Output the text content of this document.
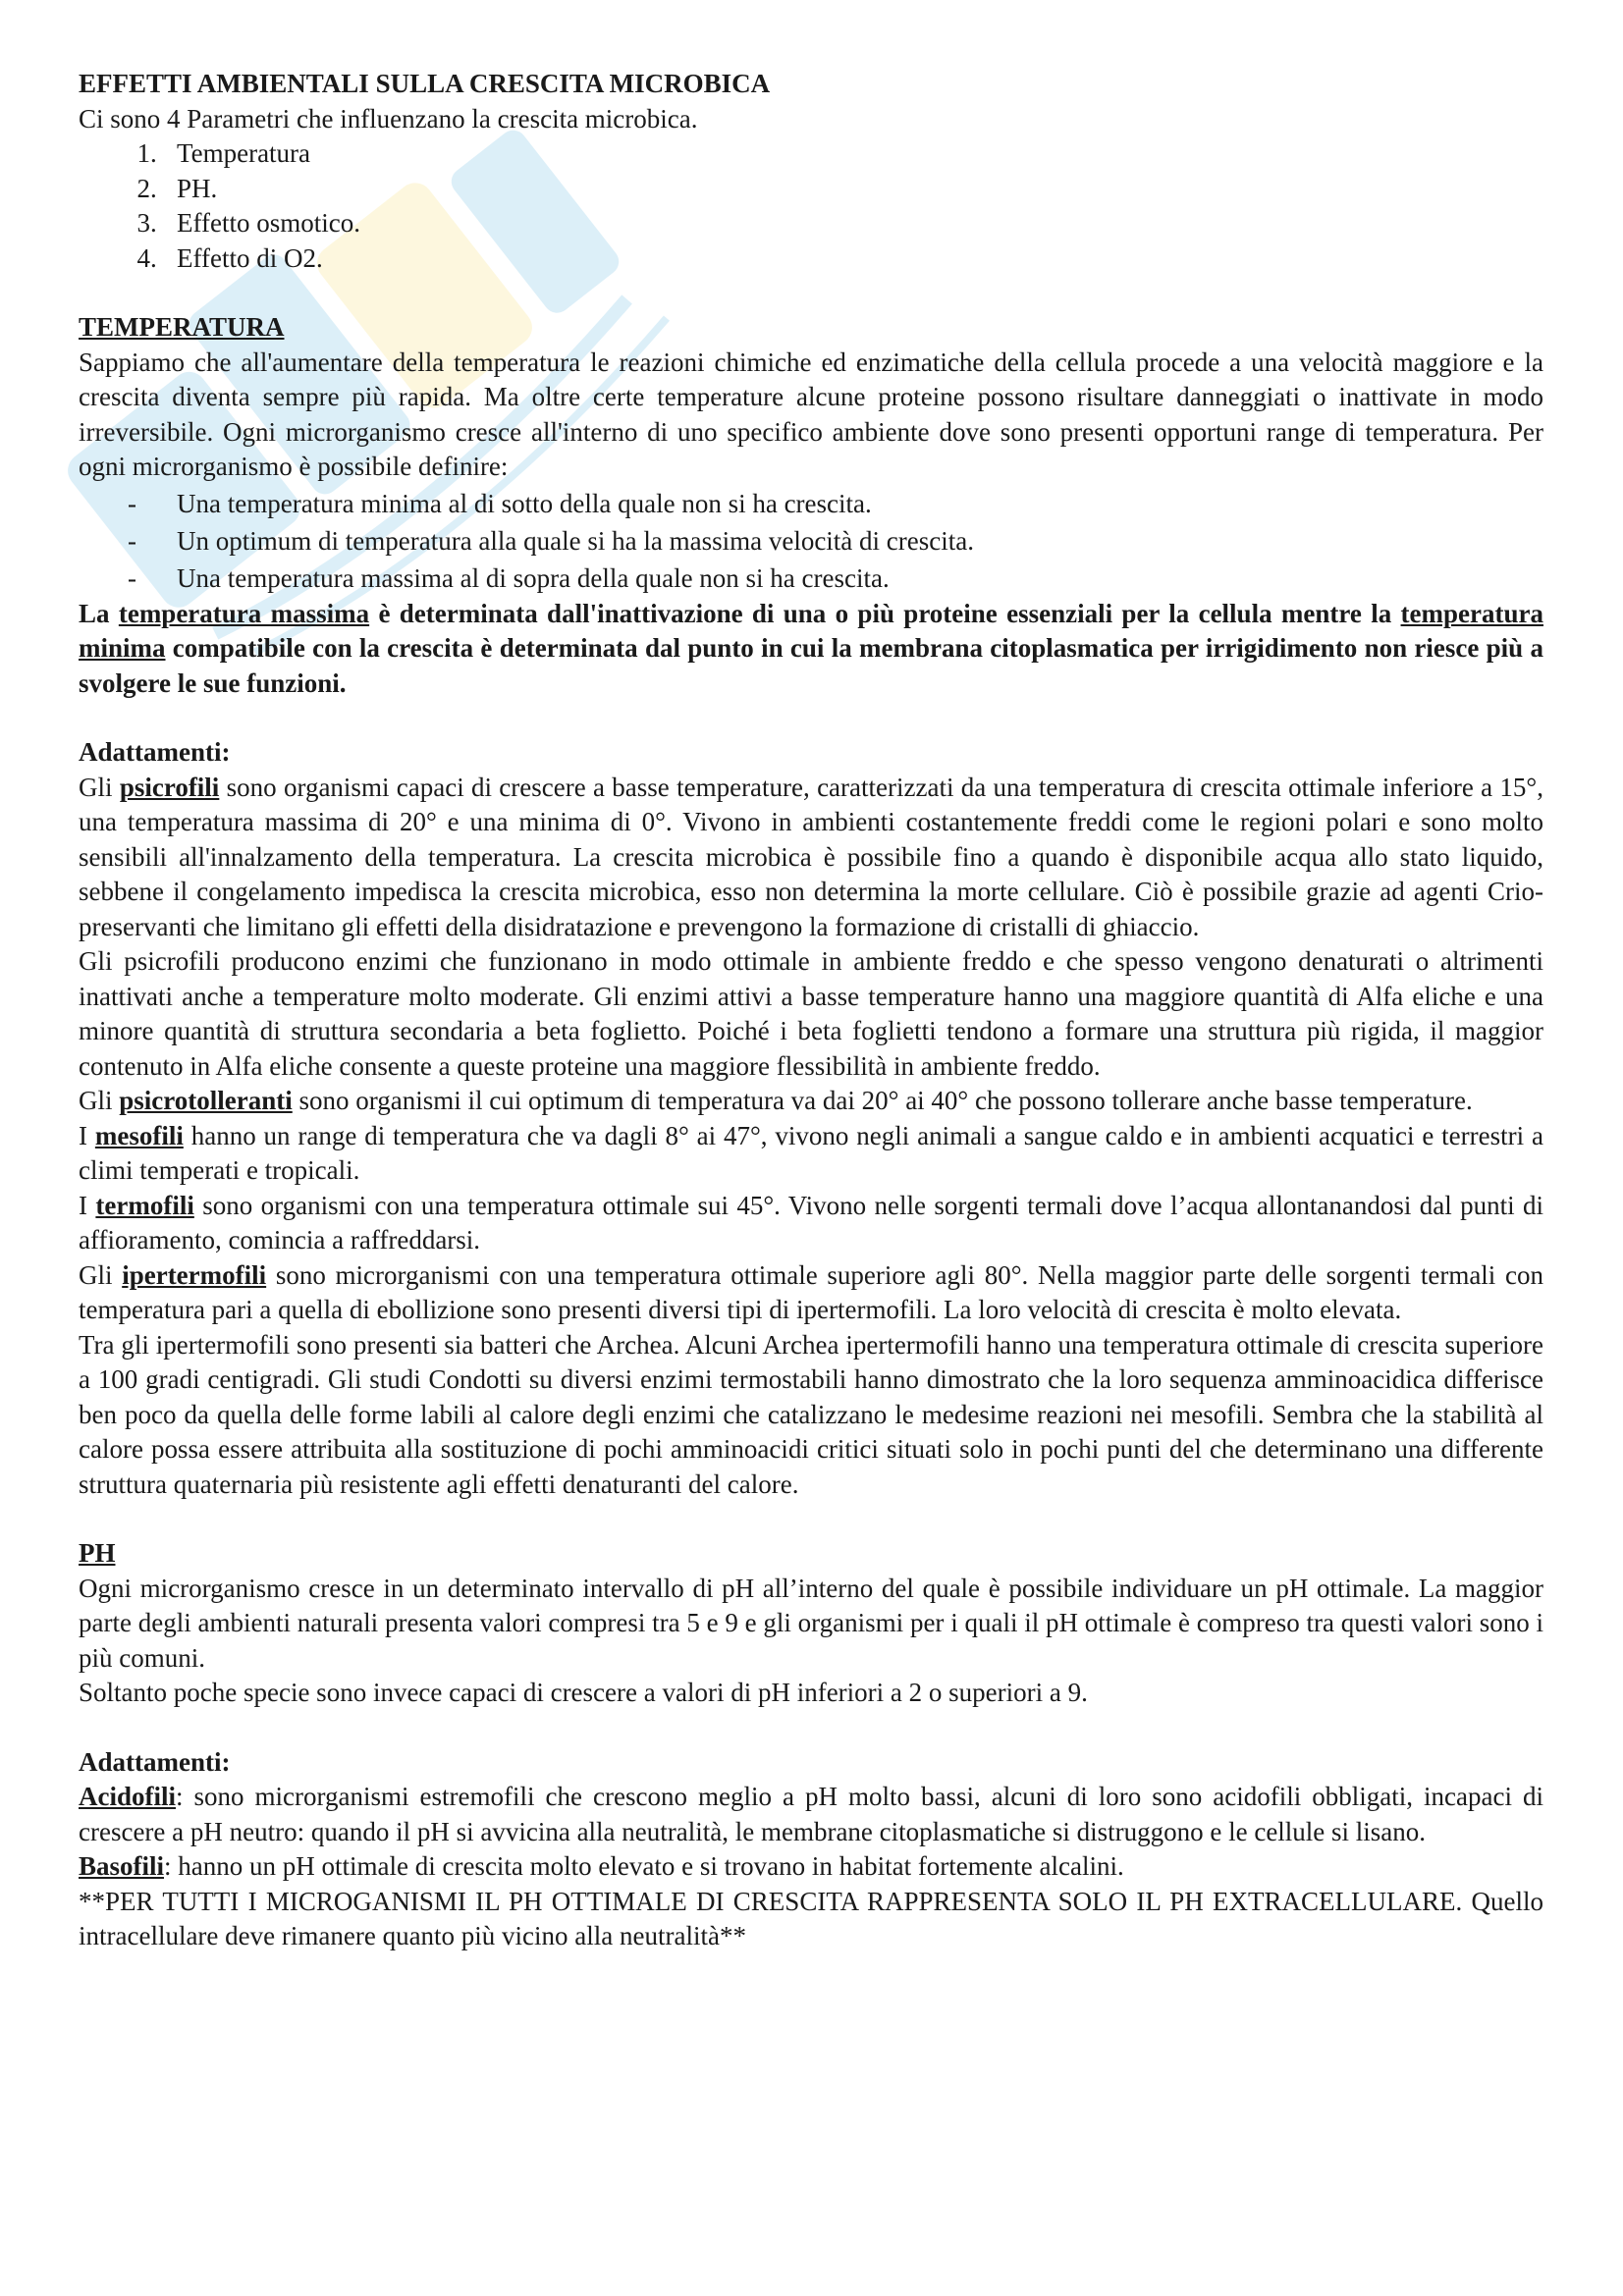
EFFETTI AMBIENTALI SULLA CRESCITA MICROBICA

Ci sono 4 Parametri che influenzano la crescita microbica.

1. Temperatura
2. PH.
3. Effetto osmotico.
4. Effetto di O2.

TEMPERATURA

Sappiamo che all'aumentare della temperatura le reazioni chimiche ed enzimatiche della cellula procede a una velocità maggiore e la crescita diventa sempre più rapida. Ma oltre certe temperature alcune proteine possono risultare danneggiati o inattivate in modo irreversibile. Ogni microrganismo cresce all'interno di uno specifico ambiente dove sono presenti opportuni range di temperatura. Per ogni microrganismo è possibile definire:

- Una temperatura minima al di sotto della quale non si ha crescita.
- Un optimum di temperatura alla quale si ha la massima velocità di crescita.
- Una temperatura massima al di sopra della quale non si ha crescita.

La temperatura massima è determinata dall'inattivazione di una o più proteine essenziali per la cellula mentre la temperatura minima compatibile con la crescita è determinata dal punto in cui la membrana citoplasmatica per irrigidimento non riesce più a svolgere le sue funzioni.

Adattamenti:

Gli psicrofili sono organismi capaci di crescere a basse temperature, caratterizzati da una temperatura di crescita ottimale inferiore a 15°, una temperatura massima di 20° e una minima di 0°. Vivono in ambienti costantemente freddi come le regioni polari e sono molto sensibili all'innalzamento della temperatura. La crescita microbica è possibile fino a quando è disponibile acqua allo stato liquido, sebbene il congelamento impedisca la crescita microbica, esso non determina la morte cellulare. Ciò è possibile grazie ad agenti Crio-preservanti che limitano gli effetti della disidratazione e prevengono la formazione di cristalli di ghiaccio.

Gli psicrofili producono enzimi che funzionano in modo ottimale in ambiente freddo e che spesso vengono denaturati o altrimenti inattivati anche a temperature molto moderate. Gli enzimi attivi a basse temperature hanno una maggiore quantità di Alfa eliche e una minore quantità di struttura secondaria a beta foglietto. Poiché i beta foglietti tendono a formare una struttura più rigida, il maggior contenuto in Alfa eliche consente a queste proteine una maggiore flessibilità in ambiente freddo.

Gli psicrotolleranti sono organismi il cui optimum di temperatura va dai 20° ai 40° che possono tollerare anche basse temperature.

I mesofili hanno un range di temperatura che va dagli 8° ai 47°, vivono negli animali a sangue caldo e in ambienti acquatici e terrestri a climi temperati e tropicali.

I termofili sono organismi con una temperatura ottimale sui 45°. Vivono nelle sorgenti termali dove l’acqua allontanandosi dal punti di affioramento, comincia a raffreddarsi.

Gli ipertermofili sono microrganismi con una temperatura ottimale superiore agli 80°. Nella maggior parte delle sorgenti termali con temperatura pari a quella di ebollizione sono presenti diversi tipi di ipertermofili. La loro velocità di crescita è molto elevata.

Tra gli ipertermofili sono presenti sia batteri che Archea. Alcuni Archea ipertermofili hanno una temperatura ottimale di crescita superiore a 100 gradi centigradi. Gli studi Condotti su diversi enzimi termostabili hanno dimostrato che la loro sequenza amminoacidica differisce ben poco da quella delle forme labili al calore degli enzimi che catalizzano le medesime reazioni nei mesofili. Sembra che la stabilità al calore possa essere attribuita alla sostituzione di pochi amminoacidi critici situati solo in pochi punti del che determinano una differente struttura quaternaria più resistente agli effetti denaturanti del calore.

PH

Ogni microrganismo cresce in un determinato intervallo di pH all’interno del quale è possibile individuare un pH ottimale. La maggior parte degli ambienti naturali presenta valori compresi tra 5 e 9 e gli organismi per i quali il pH ottimale è compreso tra questi valori sono i più comuni.

Soltanto poche specie sono invece capaci di crescere a valori di pH inferiori a 2 o superiori a 9.

Adattamenti:

Acidofili: sono microrganismi estremofili che crescono meglio a pH molto bassi, alcuni di loro sono acidofili obbligati, incapaci di crescere a pH neutro: quando il pH si avvicina alla neutralità, le membrane citoplasmatiche si distruggono e le cellule si lisano.

Basofili: hanno un pH ottimale di crescita molto elevato e si trovano in habitat fortemente alcalini.

**PER TUTTI I MICROGANISMI IL PH OTTIMALE DI CRESCITA RAPPRESENTA SOLO IL PH EXTRACELLULARE. Quello intracellulare deve rimanere quanto più vicino alla neutralità**
